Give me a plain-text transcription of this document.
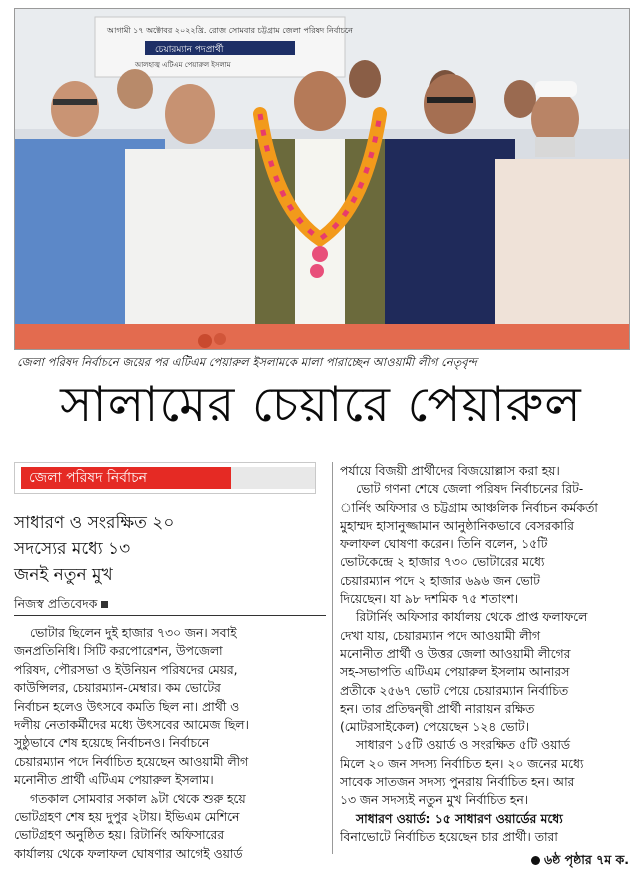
আগামী ১৭ অক্টোবর ২০২২খ্রি. রোজ সোমবার চট্টগ্রাম জেলা পরিষদ নির্বাচনে
চেয়ারম্যান পদপ্রার্থী
আলহাজ্ব এটিএম পেয়ারুল ইসলাম
জেলা পরিষদ নির্বাচনে জয়ের পর এটিএম পেয়ারুল ইসলামকে মালা পারাচ্ছেন আওয়ামী লীগ নেতৃবৃন্দ
সালামের চেয়ারে পেয়ারুল
জেলা পরিষদ নির্বাচন
সাধারণ ও সংরক্ষিত ২০
সদস্যের মধ্যে ১৩
জনই নতুন মুখ
নিজস্ব প্রতিবেদক

ভোটার ছিলেন দুই হাজার ৭৩০ জন। সবাই
জনপ্রতিনিধি। সিটি করপোরেশন, উপজেলা
পরিষদ, পৌরসভা ও ইউনিয়ন পরিষদের মেয়র,
কাউন্সিলর, চেয়ারম্যান-মেম্বার। কম ভোটের
নির্বাচন হলেও উৎসবে কমতি ছিল না। প্রার্থী ও
দলীয় নেতাকর্মীদের মধ্যে উৎসবের আমেজ ছিল।
সুষ্ঠুভাবে শেষ হয়েছে নির্বাচনও। নির্বাচনে
চেয়ারম্যান পদে নির্বাচিত হয়েছেন আওয়ামী লীগ
মনোনীত প্রার্থী এটিএম পেয়ারুল ইসলাম।
গতকাল সোমবার সকাল ৯টা থেকে শুরু হয়ে
ভোটগ্রহণ শেষ হয় দুপুর ২টায়। ইভিএম মেশিনে
ভোটগ্রহণ অনুষ্ঠিত হয়। রিটার্নিং অফিসারের
কার্যালয় থেকে ফলাফল ঘোষণার আগেই ওয়ার্ড

পর্যায়ে বিজয়ী প্রার্থীদের বিজয়োল্লাস করা হয়।
ভোট গণনা শেষে জেলা পরিষদ নির্বাচনের রিট-
ার্নিং অফিসার ও চট্টগ্রাম আঞ্চলিক নির্বাচন কর্মকর্তা
মুহাম্মদ হাসানুজ্জামান আনুষ্ঠানিকভাবে বেসরকারি
ফলাফল ঘোষণা করেন। তিনি বলেন, ১৫টি
ভোটকেন্দ্রে ২ হাজার ৭৩০ ভোটারের মধ্যে
চেয়ারম্যান পদে ২ হাজার ৬৯৬ জন ভোট
দিয়েছেন। যা ৯৮ দশমিক ৭৫ শতাংশ।
রিটার্নিং অফিসার কার্যালয় থেকে প্রাপ্ত ফলাফলে
দেখা যায়, চেয়ারম্যান পদে আওয়ামী লীগ
মনোনীত প্রার্থী ও উত্তর জেলা আওয়ামী লীগের
সহ-সভাপতি এটিএম পেয়ারুল ইসলাম আনারস
প্রতীকে ২৫৬৭ ভোট পেয়ে চেয়ারম্যান নির্বাচিত
হন। তার প্রতিদ্বন্দ্বী প্রার্থী নারায়ন রক্ষিত
(মোটরসাইকেল) পেয়েছেন ১২৪ ভোট।
সাধারণ ১৫টি ওয়ার্ড ও সংরক্ষিত ৫টি ওয়ার্ড
মিলে ২০ জন সদস্য নির্বাচিত হন। ২০ জনের মধ্যে
সাবেক সাতজন সদস্য পুনরায় নির্বাচিত হন। আর
১৩ জন সদস্যই নতুন মুখ নির্বাচিত হন।
সাধারণ ওয়ার্ড: ১৫ সাধারণ ওয়ার্ডের মধ্যে
বিনাভোটে নির্বাচিত হয়েছেন চার প্রার্থী। তারা
৬ষ্ঠ পৃষ্ঠার ৭ম ক.
